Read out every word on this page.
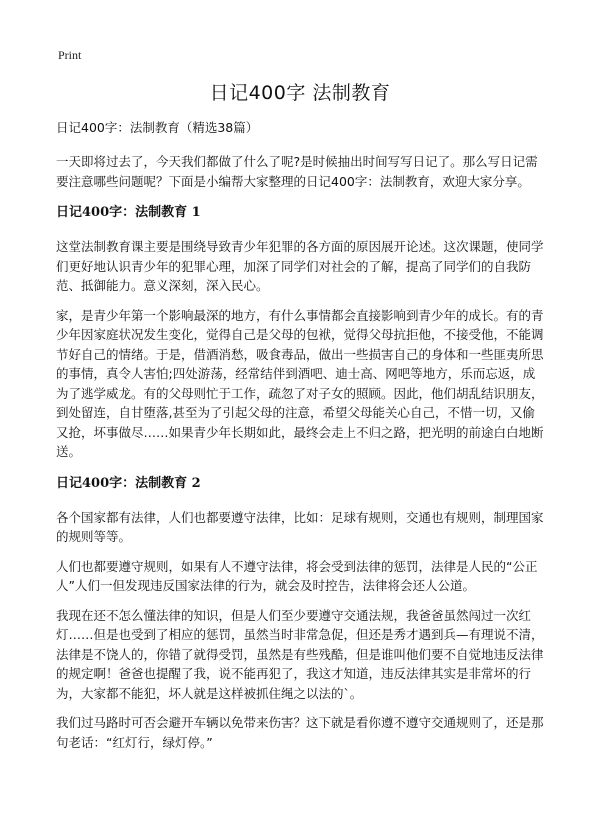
Print
日记400字 法制教育
日记400字：法制教育（精选38篇）

一天即将过去了，今天我们都做了什么了呢?是时候抽出时间写写日记了。那么写日记需要注意哪些问题呢？下面是小编帮大家整理的日记400字：法制教育，欢迎大家分享。

日记400字：法制教育 1

这堂法制教育课主要是围绕导致青少年犯罪的各方面的原因展开论述。这次课题，使同学们更好地认识青少年的犯罪心理，加深了同学们对社会的了解，提高了同学们的自我防范、抵御能力。意义深刻，深入民心。

家，是青少年第一个影响最深的地方，有什么事情都会直接影响到青少年的成长。有的青少年因家庭状况发生变化，觉得自己是父母的包袱，觉得父母抗拒他，不接受他，不能调节好自己的情绪。于是，借酒消愁，吸食毒品，做出一些损害自己的身体和一些匪夷所思的事情，真令人害怕;四处游荡，经常结伴到酒吧、迪士高、网吧等地方，乐而忘返，成为了逃学威龙。有的父母则忙于工作，疏忽了对子女的照顾。因此，他们胡乱结识朋友，到处留连，自甘堕落,甚至为了引起父母的注意，希望父母能关心自己，不惜一切，又偷又抢，坏事做尽……如果青少年长期如此，最终会走上不归之路，把光明的前途白白地断送。

日记400字：法制教育 2

各个国家都有法律，人们也都要遵守法律，比如：足球有规则，交通也有规则，制理国家的规则等等。

人们也都要遵守规则，如果有人不遵守法律，将会受到法律的惩罚，法律是人民的“公正人”人们一但发现违反国家法律的行为，就会及时控告，法律将会还人公道。

我现在还不怎么懂法律的知识，但是人们至少要遵守交通法规，我爸爸虽然闯过一次红灯……但是也受到了相应的惩罚，虽然当时非常急促，但还是秀才遇到兵—有理说不清，法律是不饶人的，你错了就得受罚，虽然是有些残酷，但是谁叫他们要不自觉地违反法律的规定啊！爸爸也提醒了我，说不能再犯了，我这才知道，违反法律其实是非常坏的行为，大家都不能犯，坏人就是这样被抓住绳之以法的`。

我们过马路时可否会避开车辆以免带来伤害？这下就是看你遵不遵守交通规则了，还是那句老话：“红灯行，绿灯停。”
